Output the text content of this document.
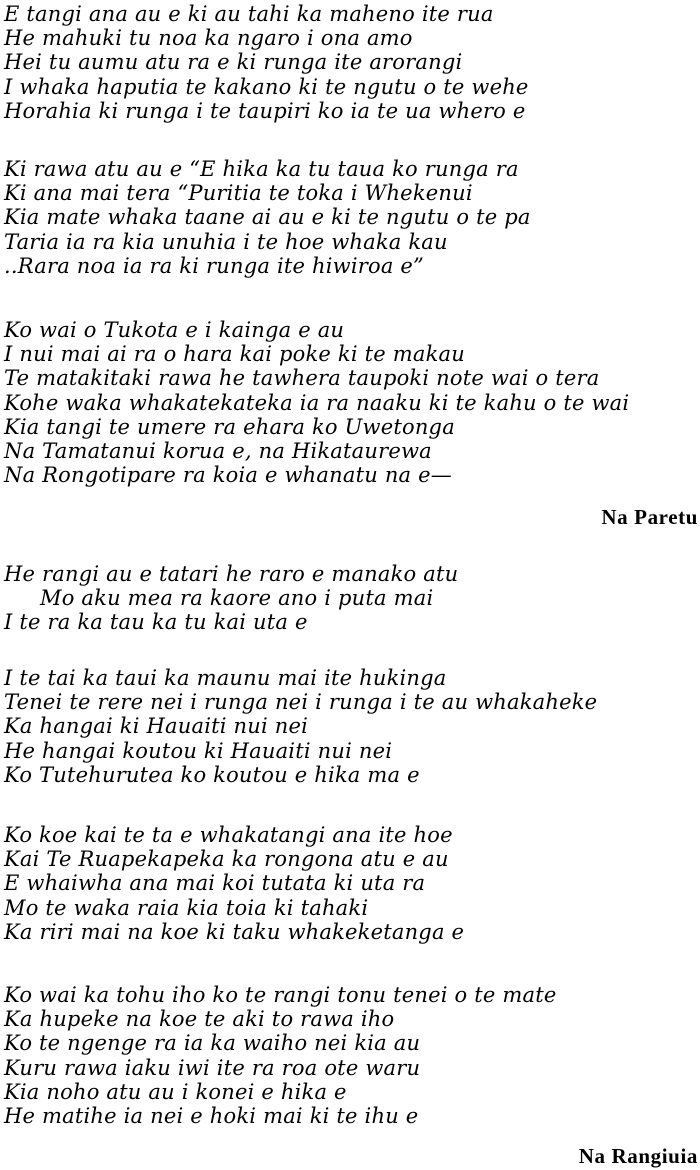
E tangi ana au e ki au tahi ka maheno ite rua
He mahuki tu noa ka ngaro i ona amo
Hei tu aumu atu ra e ki runga ite arorangi
I whaka haputia te kakano ki te ngutu o te wehe
Horahia ki runga i te taupiri ko ia te ua whero e
Ki rawa atu au e “E hika ka tu taua ko runga ra
Ki ana mai tera “Puritia te toka i Whekenui
Kia mate whaka taane ai au e ki te ngutu o te pa
Taria ia ra kia unuhia i te hoe whaka kau
..Rara noa ia ra ki runga ite hiwiroa e”
Ko wai o Tukota e i kainga e au
I nui mai ai ra o hara kai poke ki te makau
Te matakitaki rawa he tawhera taupoki note wai o tera
Kohe waka whakatekateka ia ra naaku ki te kahu o te wai
Kia tangi te umere ra ehara ko Uwetonga
Na Tamatanui korua e, na Hikataurewa
Na Rongotipare ra koia e whanatu na e—
Na Paretu
He rangi au e tatari he raro e manako atu
Mo aku mea ra kaore ano i puta mai
I te ra ka tau ka tu kai uta e
I te tai ka taui ka maunu mai ite hukinga
Tenei te rere nei i runga nei i runga i te au whakaheke
Ka hangai ki Hauaiti nui nei
He hangai koutou ki Hauaiti nui nei
Ko Tutehurutea ko koutou e hika ma e
Ko koe kai te ta e whakatangi ana ite hoe
Kai Te Ruapekapeka ka rongona atu e au
E whaiwha ana mai koi tutata ki uta ra
Mo te waka raia kia toia ki tahaki
Ka riri mai na koe ki taku whakeketanga e
Ko wai ka tohu iho ko te rangi tonu tenei o te mate
Ka hupeke na koe te aki to rawa iho
Ko te ngenge ra ia ka waiho nei kia au
Kuru rawa iaku iwi ite ra roa ote waru
Kia noho atu au i konei e hika e
He matihe ia nei e hoki mai ki te ihu e
Na Rangiuia
